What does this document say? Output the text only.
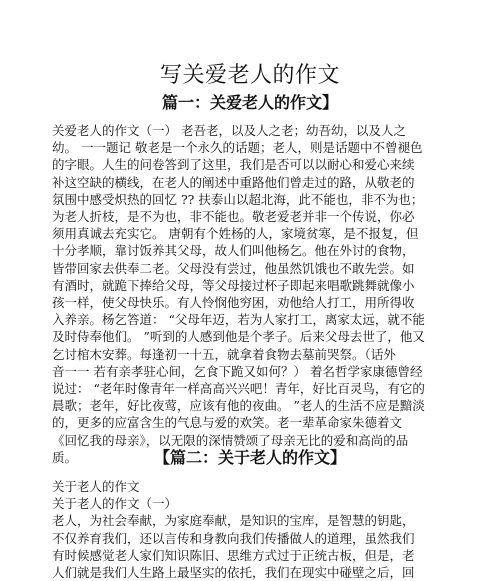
写关爱老人的作文
篇一：关爱老人的作文】
关爱老人的作文（一） 老吾老，以及人之老；幼吾幼，以及人之
幼。 一一题记 敬老是一个永久的话题；老人，则是话题中不曾褪色
的字眼。人生的问卷答到了这里，我们是否可以以耐心和爱心来续
补这空缺的横线，在老人的阐述中重路他们曾走过的路，从敬老的
氛围中感受炽热的回忆 ?? 扶泰山以超北海，此不能也，非不为也；
为老人折枝，是不为也，非不能也。敬老爱老并非一个传说，你必
须用真诚去充实它。 唐朝有个姓杨的人，家境贫寒，是不报复，但
十分孝顺，靠讨饭养其父母，故人们叫他杨乞。他在外讨的食物，
皆带回家去供奉二老。父母没有尝过，他虽然饥饿也不敢先尝。如
有酒时，就跪下捧给父母，等父母接过杯子即起来唱歌跳舞就像小
孩一样，使父母快乐。有人怜悯他穷困，劝他给人打工，用所得收
入养亲。杨乞答道： “父母年迈，若为人家打工，离家太远，就不能
及时侍奉他们。 ”听到的人感到他是个孝子。后来父母去世了，他又
乞讨棺木安葬。每逢初一十五，就拿着食物去墓前哭祭。（话外
音一一 若有亲孝驻心间，乞食下跪又如何？） 着名哲学家康德曾经
说过： “老年时像青年一样高高兴兴吧！青年，好比百灵鸟，有它的
晨歌；老年，好比夜莺，应该有他的夜曲。 ”老人的生活不应是黯淡
的，更多的应富含生的气息与爱的欢笑。老一辈革命家朱德着文
《回忆我的母亲》，以无限的深情赞颂了母亲无比的爱和高尚的品
质。	【篇二：关于老人的作文】
关于老人的作文
关于老人的作文（一）
老人，为社会奉献，为家庭奉献，是知识的宝库，是智慧的钥匙，
不仅养育我们，还以言传和身教向我们传播做人的道理，虽然我们
有时候感觉老人家们知识陈旧、思维方式过于正统古板，但是，老
人们就是我们人生路上最坚实的依托，我们在现实中碰壁之后，回
